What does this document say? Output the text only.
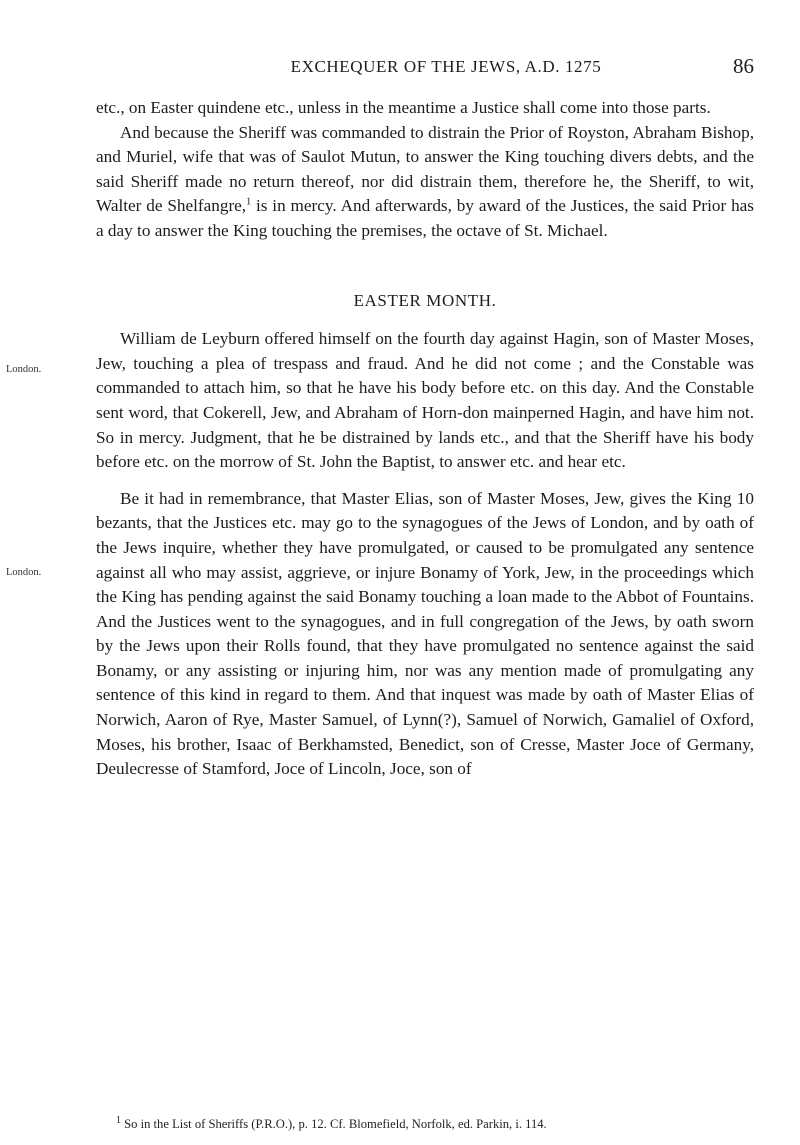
EXCHEQUER OF THE JEWS, A.D. 1275	86
London.
London.

etc., on Easter quindene etc., unless in the meantime a Justice shall come into those parts.

And because the Sheriff was commanded to distrain the Prior of Royston, Abraham Bishop, and Muriel, wife that was of Saulot Mutun, to answer the King touching divers debts, and the said Sheriff made no return thereof, nor did distrain them, therefore he, the Sheriff, to wit, Walter de Shelfangre,$^1$ is in mercy. And afterwards, by award of the Justices, the said Prior has a day to answer the King touching the premises, the octave of St. Michael.

EASTER MONTH.

William de Leyburn offered himself on the fourth day against Hagin, son of Master Moses, Jew, touching a plea of trespass and fraud. And he did not come ; and the Constable was commanded to attach him, so that he have his body before etc. on this day. And the Constable sent word, that Cokerell, Jew, and Abraham of Horn-don mainperned Hagin, and have him not. So in mercy. Judgment, that he be distrained by lands etc., and that the Sheriff have his body before etc. on the morrow of St. John the Baptist, to answer etc. and hear etc.

Be it had in remembrance, that Master Elias, son of Master Moses, Jew, gives the King 10 bezants, that the Justices etc. may go to the synagogues of the Jews of London, and by oath of the Jews inquire, whether they have promulgated, or caused to be promulgated any sentence against all who may assist, aggrieve, or injure Bonamy of York, Jew, in the proceedings which the King has pending against the said Bonamy touching a loan made to the Abbot of Fountains. And the Justices went to the synagogues, and in full congregation of the Jews, by oath sworn by the Jews upon their Rolls found, that they have promulgated no sentence against the said Bonamy, or any assisting or injuring him, nor was any mention made of promulgating any sentence of this kind in regard to them. And that inquest was made by oath of Master Elias of Norwich, Aaron of Rye, Master Samuel, of Lynn(?), Samuel of Norwich, Gamaliel of Oxford, Moses, his brother, Isaac of Berkhamsted, Benedict, son of Cresse, Master Joce of Germany, Deulecresse of Stamford, Joce of Lincoln, Joce, son of

$^1$ So in the List of Sheriffs (P.R.O.), p. 12. Cf. Blomefield, Norfolk, ed. Parkin, i. 114.
